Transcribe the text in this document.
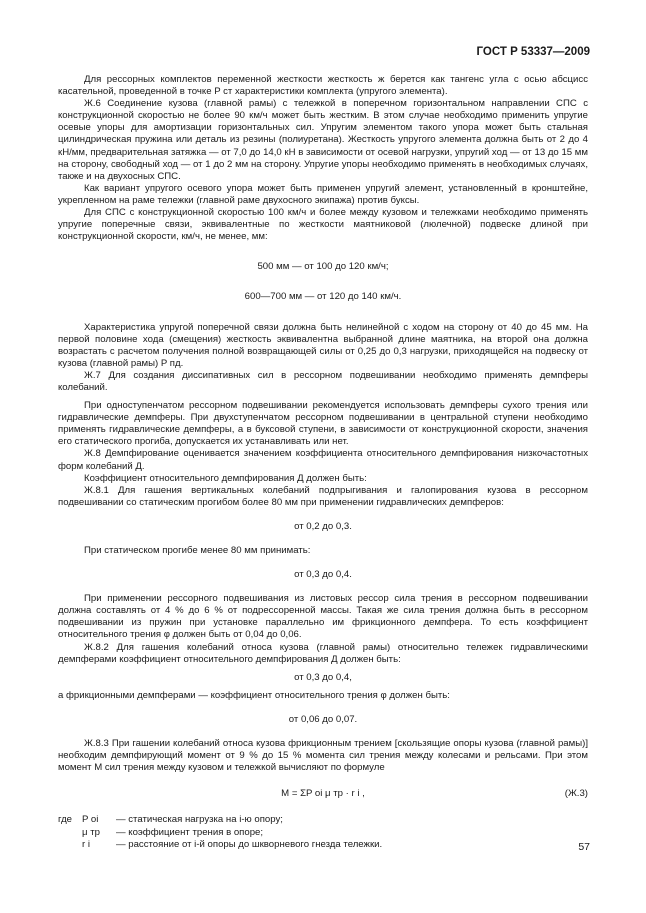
ГОСТ Р 53337—2009

Для рессорных комплектов переменной жесткости жесткость ж берется как тангенс угла с осью абсцисс касательной, проведенной в точке P ст характеристики комплекта (упругого элемента).

Ж.6 Соединение кузова (главной рамы) с тележкой в поперечном горизонтальном направлении СПС с конструкционной скоростью не более 90 км/ч может быть жестким. В этом случае необходимо применить упругие осевые упоры для амортизации горизонтальных сил. Упругим элементом такого упора может быть стальная цилиндрическая пружина или деталь из резины (полиуретана). Жесткость упругого элемента должна быть от 2 до 4 кН/мм, предварительная затяжка — от 7,0 до 14,0 кН в зависимости от осевой нагрузки, упругий ход — от 13 до 15 мм на сторону, свободный ход — от 1 до 2 мм на сторону. Упругие упоры необходимо применять в необходимых случаях, также и на двухосных СПС.

Как вариант упругого осевого упора может быть применен упругий элемент, установленный в кронштейне, укрепленном на раме тележки (главной раме двухосного экипажа) против буксы.

Для СПС с конструкционной скоростью 100 км/ч и более между кузовом и тележками необходимо применять упругие поперечные связи, эквивалентные по жесткости маятниковой (люлечной) подвеске длиной при конструкционной скорости, км/ч, не менее, мм:

500 мм — от 100 до 120 км/ч;

600—700 мм — от 120 до 140 км/ч.

Характеристика упругой поперечной связи должна быть нелинейной с ходом на сторону от 40 до 45 мм. На первой половине хода (смещения) жесткость эквивалентна выбранной длине маятника, на второй она должна возрастать с расчетом получения полной возвращающей силы от 0,25 до 0,3 нагрузки, приходящейся на подвеску от кузова (главной рамы) P пд.

Ж.7 Для создания диссипативных сил в рессорном подвешивании необходимо применять демпферы колебаний.

При одноступенчатом рессорном подвешивании рекомендуется использовать демпферы сухого трения или гидравлические демпферы. При двухступенчатом рессорном подвешивании в центральной ступени необходимо применять гидравлические демпферы, а в буксовой ступени, в зависимости от конструкционной скорости, значения его статического прогиба, допускается их устанавливать или нет.

Ж.8 Демпфирование оценивается значением коэффициента относительного демпфирования низкочастотных форм колебаний Д.

Коэффициент относительного демпфирования Д должен быть:

Ж.8.1 Для гашения вертикальных колебаний подпрыгивания и галопирования кузова в рессорном подвешивании со статическим прогибом более 80 мм при применении гидравлических демпферов:

от 0,2 до 0,3.

При статическом прогибе менее 80 мм принимать:

от 0,3 до 0,4.

При применении рессорного подвешивания из листовых рессор сила трения в рессорном подвешивании должна составлять от 4 % до 6 % от подрессоренной массы. Такая же сила трения должна быть в рессорном подвешивании из пружин при установке параллельно им фрикционного демпфера. То есть коэффициент относительного трения φ должен быть от 0,04 до 0,06.

Ж.8.2 Для гашения колебаний относа кузова (главной рамы) относительно тележек гидравлическими демпферами коэффициент относительного демпфирования Д должен быть:

от 0,3 до 0,4,

а фрикционными демпферами — коэффициент относительного трения φ должен быть:

от 0,06 до 0,07.

Ж.8.3 При гашении колебаний относа кузова фрикционным трением [скользящие опоры кузова (главной рамы)] необходим демпфирующий момент от 9 % до 15 % момента сил трения между колесами и рельсами. При этом момент М сил трения между кузовом и тележкой вычисляют по формуле

M = ΣP oi μ тр · r i ,	(Ж.3)
где	P oi	— статическая нагрузка на i-ю опору;
μ тр	— коэффициент трения в опоре;
r i	— расстояние от i-й опоры до шкворневого гнезда тележки.	57
